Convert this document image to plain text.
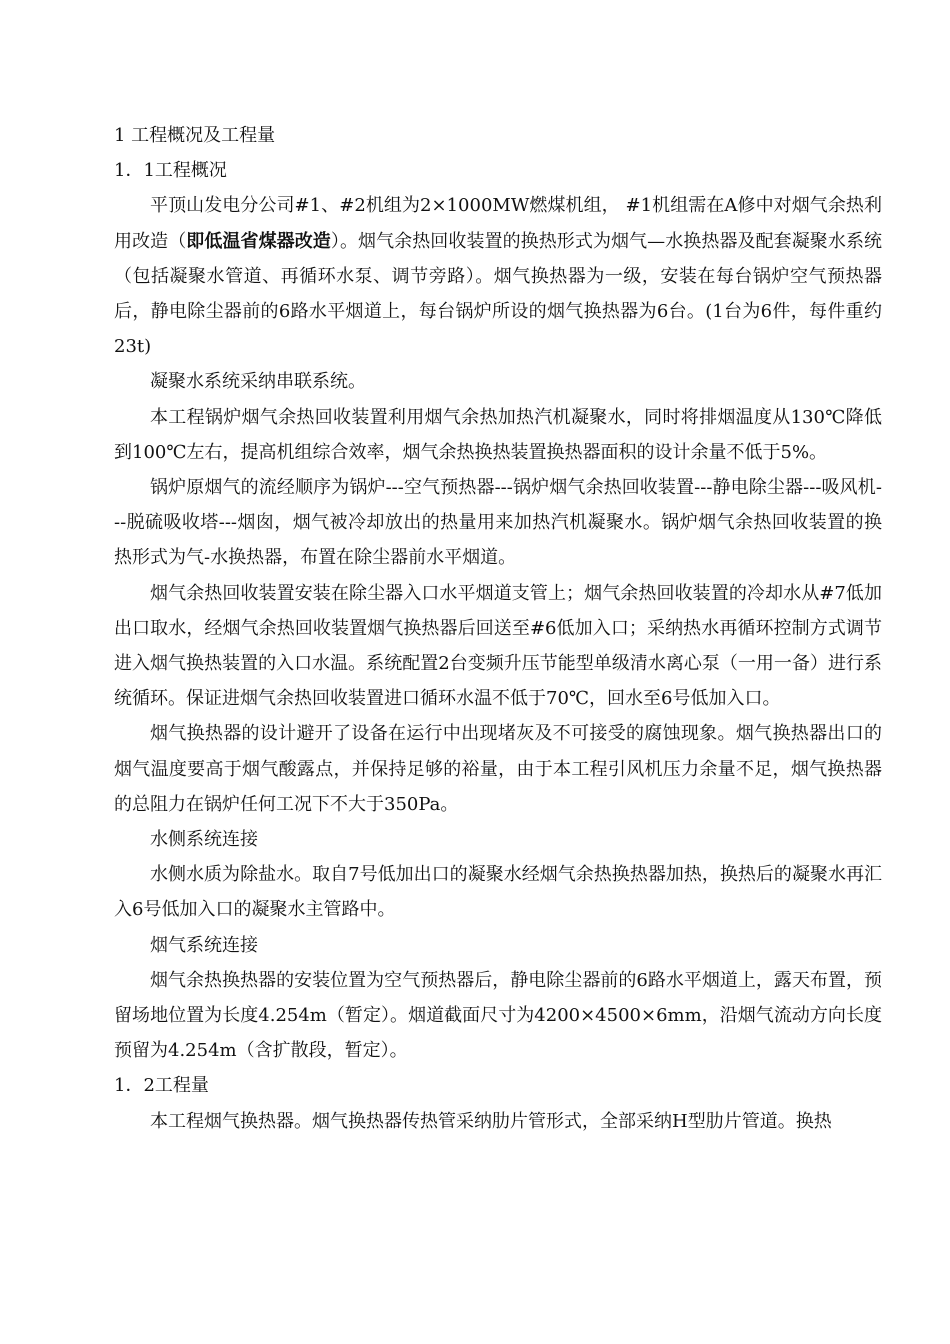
1 工程概况及工程量

1．1工程概况

平顶山发电分公司#1、#2机组为2×1000MW燃煤机组， #1机组需在A修中对烟气余热利用改造（即低温省煤器改造）。烟气余热回收装置的换热形式为烟气—水换热器及配套凝聚水系统（包括凝聚水管道、再循环水泵、调节旁路）。烟气换热器为一级，安装在每台锅炉空气预热器后，静电除尘器前的6路水平烟道上，每台锅炉所设的烟气换热器为6台。(1台为6件，每件重约23t)

凝聚水系统采纳串联系统。

本工程锅炉烟气余热回收装置利用烟气余热加热汽机凝聚水，同时将排烟温度从130℃降低到100℃左右，提高机组综合效率，烟气余热换热装置换热器面积的设计余量不低于5%。

锅炉原烟气的流经顺序为锅炉---空气预热器---锅炉烟气余热回收装置---静电除尘器---吸风机---脱硫吸收塔---烟囱，烟气被冷却放出的热量用来加热汽机凝聚水。锅炉烟气余热回收装置的换热形式为气-水换热器，布置在除尘器前水平烟道。

烟气余热回收装置安装在除尘器入口水平烟道支管上；烟气余热回收装置的冷却水从#7低加出口取水，经烟气余热回收装置烟气换热器后回送至#6低加入口；采纳热水再循环控制方式调节进入烟气换热装置的入口水温。系统配置2台变频升压节能型单级清水离心泵（一用一备）进行系统循环。保证进烟气余热回收装置进口循环水温不低于70℃，回水至6号低加入口。

烟气换热器的设计避开了设备在运行中出现堵灰及不可接受的腐蚀现象。烟气换热器出口的烟气温度要高于烟气酸露点，并保持足够的裕量，由于本工程引风机压力余量不足，烟气换热器的总阻力在锅炉任何工况下不大于350Pa。

水侧系统连接

水侧水质为除盐水。取自7号低加出口的凝聚水经烟气余热换热器加热，换热后的凝聚水再汇入6号低加入口的凝聚水主管路中。

烟气系统连接

烟气余热换热器的安装位置为空气预热器后，静电除尘器前的6路水平烟道上，露天布置，预留场地位置为长度4.254m（暂定）。烟道截面尺寸为4200×4500×6mm，沿烟气流动方向长度预留为4.254m（含扩散段，暂定）。

1．2工程量

本工程烟气换热器。烟气换热器传热管采纳肋片管形式，全部采纳H型肋片管道。换热
